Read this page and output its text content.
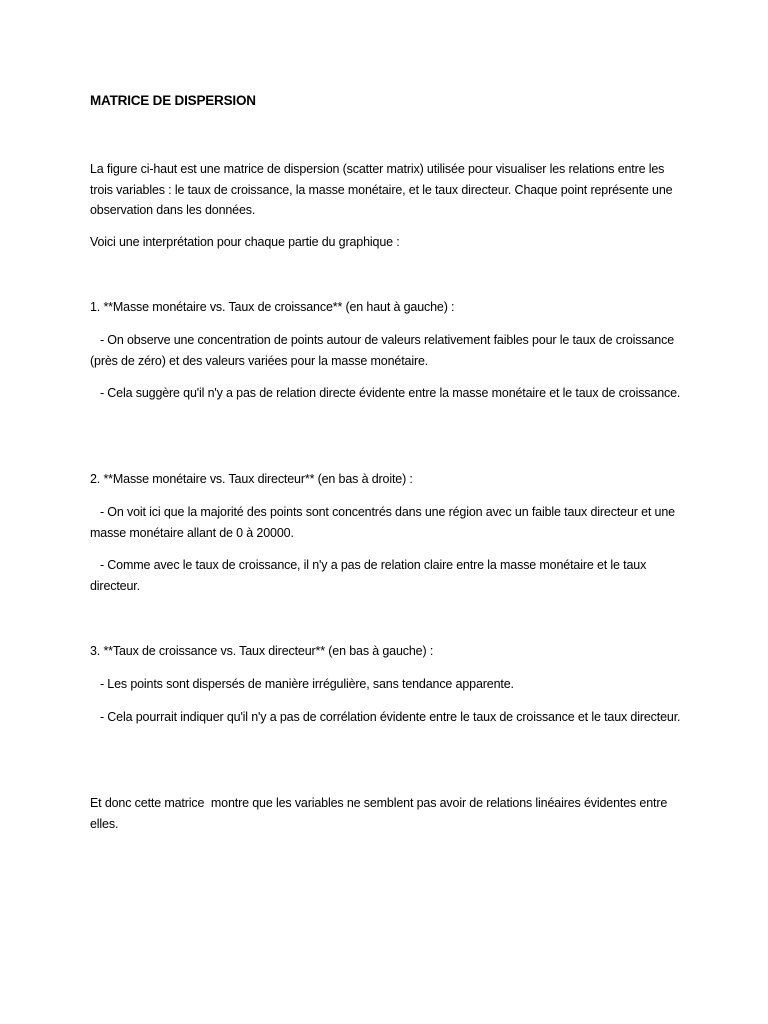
MATRICE DE DISPERSION

La figure ci-haut est une matrice de dispersion (scatter matrix) utilisée pour visualiser les relations entre les trois variables : le taux de croissance, la masse monétaire, et le taux directeur. Chaque point représente une observation dans les données.

Voici une interprétation pour chaque partie du graphique :

1. **Masse monétaire vs. Taux de croissance** (en haut à gauche) :

- On observe une concentration de points autour de valeurs relativement faibles pour le taux de croissance (près de zéro) et des valeurs variées pour la masse monétaire.

- Cela suggère qu'il n'y a pas de relation directe évidente entre la masse monétaire et le taux de croissance.

2. **Masse monétaire vs. Taux directeur** (en bas à droite) :

- On voit ici que la majorité des points sont concentrés dans une région avec un faible taux directeur et une masse monétaire allant de 0 à 20000.

- Comme avec le taux de croissance, il n'y a pas de relation claire entre la masse monétaire et le taux directeur.

3. **Taux de croissance vs. Taux directeur** (en bas à gauche) :

- Les points sont dispersés de manière irrégulière, sans tendance apparente.

- Cela pourrait indiquer qu'il n'y a pas de corrélation évidente entre le taux de croissance et le taux directeur.

Et donc cette matrice  montre que les variables ne semblent pas avoir de relations linéaires évidentes entre elles.
